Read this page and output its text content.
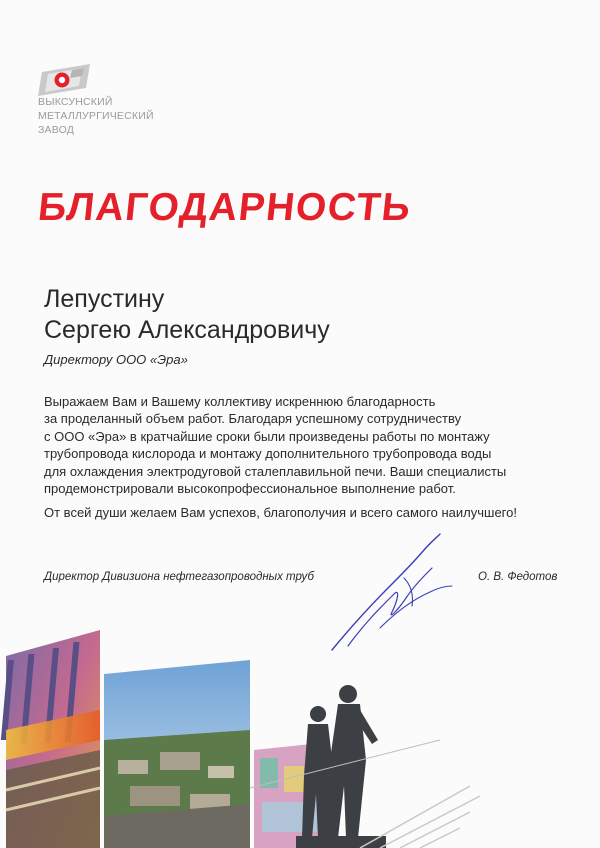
ВЫКСУНСКИЙ
МЕТАЛЛУРГИЧЕСКИЙ
ЗАВОД
БЛАГОДАРНОСТЬ
Лепустину
Сергею Александровичу
Директору ООО «Эра»
Выражаем Вам и Вашему коллективу искреннюю благодарность
за проделанный объем работ. Благодаря успешному сотрудничеству
с ООО «Эра» в кратчайшие сроки были произведены работы по монтажу
трубопровода кислорода и монтажу дополнительного трубопровода воды
для охлаждения электродуговой сталеплавильной печи. Ваши специалисты
продемонстрировали высокопрофессиональное выполнение работ.
От всей души желаем Вам успехов, благополучия и всего самого наилучшего!
Директор Дивизиона нефтегазопроводных труб	О. В. Федотов
